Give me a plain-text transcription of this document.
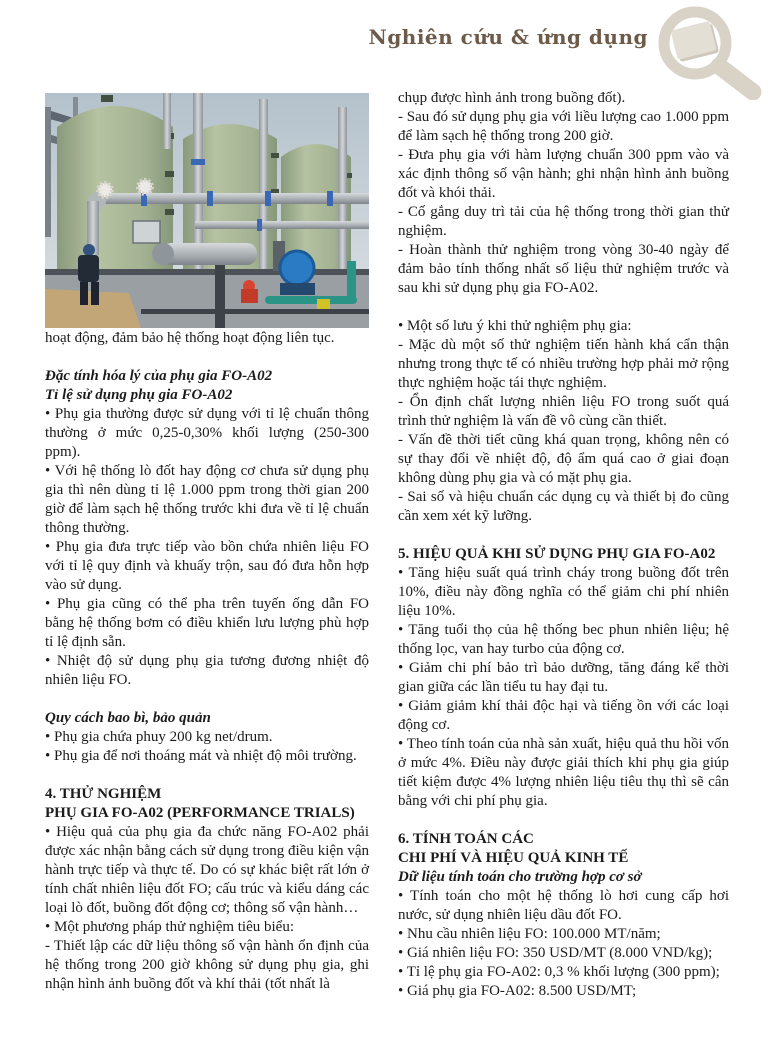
Nghiên cứu & ứng dụng

hoạt động, đảm bảo hệ thống hoạt động liên tục.

Đặc tính hóa lý của phụ gia FO-A02

Tỉ lệ sử dụng phụ gia FO-A02

• Phụ gia thường được sử dụng với tỉ lệ chuẩn thông thường ở mức 0,25-0,30% khối lượng (250-300 ppm).

• Với hệ thống lò đốt hay động cơ chưa sử dụng phụ gia thì nên dùng tỉ lệ 1.000 ppm trong thời gian 200 giờ để làm sạch hệ thống trước khi đưa về tỉ lệ chuẩn thông thường.

• Phụ gia đưa trực tiếp vào bồn chứa nhiên liệu FO với tỉ lệ quy định và khuấy trộn, sau đó đưa hỗn hợp vào sử dụng.

• Phụ gia cũng có thể pha trên tuyến ống dẫn FO bằng hệ thống bơm có điều khiển lưu lượng phù hợp tỉ lệ định sẵn.

• Nhiệt độ sử dụng phụ gia tương đương nhiệt độ nhiên liệu FO.

Quy cách bao bì, bảo quản

• Phụ gia chứa phuy 200 kg net/drum.

• Phụ gia để nơi thoáng mát và nhiệt độ môi trường.

4. THỬ NGHIỆM

PHỤ GIA FO-A02 (PERFORMANCE TRIALS)

• Hiệu quả của phụ gia đa chức năng FO-A02 phải được xác nhận bằng cách sử dụng trong điều kiện vận hành trực tiếp và thực tế. Do có sự khác biệt rất lớn ở tính chất nhiên liệu đốt FO; cấu trúc và kiểu dáng các loại lò đốt, buồng đốt động cơ; thông số vận hành…

• Một phương pháp thử nghiệm tiêu biểu:

- Thiết lập các dữ liệu thông số vận hành ổn định của hệ thống trong 200 giờ không sử dụng phụ gia, ghi nhận hình ảnh buồng đốt và khí thải (tốt nhất là

chụp được hình ảnh trong buồng đốt).

- Sau đó sử dụng phụ gia với liều lượng cao 1.000 ppm để làm sạch hệ thống trong 200 giờ.

- Đưa phụ gia với hàm lượng chuẩn 300 ppm vào và xác định thông số vận hành; ghi nhận hình ảnh buồng đốt và khói thải.

- Cố gắng duy trì tải của hệ thống trong thời gian thử nghiệm.

- Hoàn thành thử nghiệm trong vòng 30-40 ngày để đảm bảo tính thống nhất số liệu thử nghiệm trước và sau khi sử dụng phụ gia FO-A02.

• Một số lưu ý khi thử nghiệm phụ gia:

- Mặc dù một số thử nghiệm tiến hành khá cẩn thận nhưng trong thực tế có nhiều trường hợp phải mở rộng thực nghiệm hoặc tái thực nghiệm.

- Ổn định chất lượng nhiên liệu FO trong suốt quá trình thử nghiệm là vấn đề vô cùng cần thiết.

- Vấn đề thời tiết cũng khá quan trọng, không nên có sự thay đổi về nhiệt độ, độ ẩm quá cao ở giai đoạn không dùng phụ gia và có mặt phụ gia.

- Sai số và hiệu chuẩn các dụng cụ và thiết bị đo cũng cần xem xét kỹ lưỡng.

5. HIỆU QUẢ KHI SỬ DỤNG PHỤ GIA FO-A02

• Tăng hiệu suất quá trình cháy trong buồng đốt trên 10%, điều này đồng nghĩa có thể giảm chi phí nhiên liệu 10%.

• Tăng tuổi thọ của hệ thống bec phun nhiên liệu; hệ thống lọc, van hay turbo của động cơ.

• Giảm chi phí bảo trì bảo dưỡng, tăng đáng kể thời gian giữa các lần tiểu tu hay đại tu.

• Giảm giảm khí thải độc hại và tiếng ồn với các loại động cơ.

• Theo tính toán của nhà sản xuất, hiệu quả thu hồi vốn ở mức 4%. Điều này được giải thích khi phụ gia giúp tiết kiệm được 4% lượng nhiên liệu tiêu thụ thì sẽ cân bằng với chi phí phụ gia.

6. TÍNH TOÁN CÁC

CHI PHÍ VÀ HIỆU QUẢ KINH TẾ

Dữ liệu tính toán cho trường hợp cơ sở

• Tính toán cho một hệ thống lò hơi cung cấp hơi nước, sử dụng nhiên liệu dầu đốt FO.

• Nhu cầu nhiên liệu FO: 100.000 MT/năm;

• Giá nhiên liệu FO: 350 USD/MT (8.000 VND/kg);

• Tỉ lệ phụ gia FO-A02: 0,3 % khối lượng (300 ppm);

• Giá phụ gia FO-A02: 8.500 USD/MT;
